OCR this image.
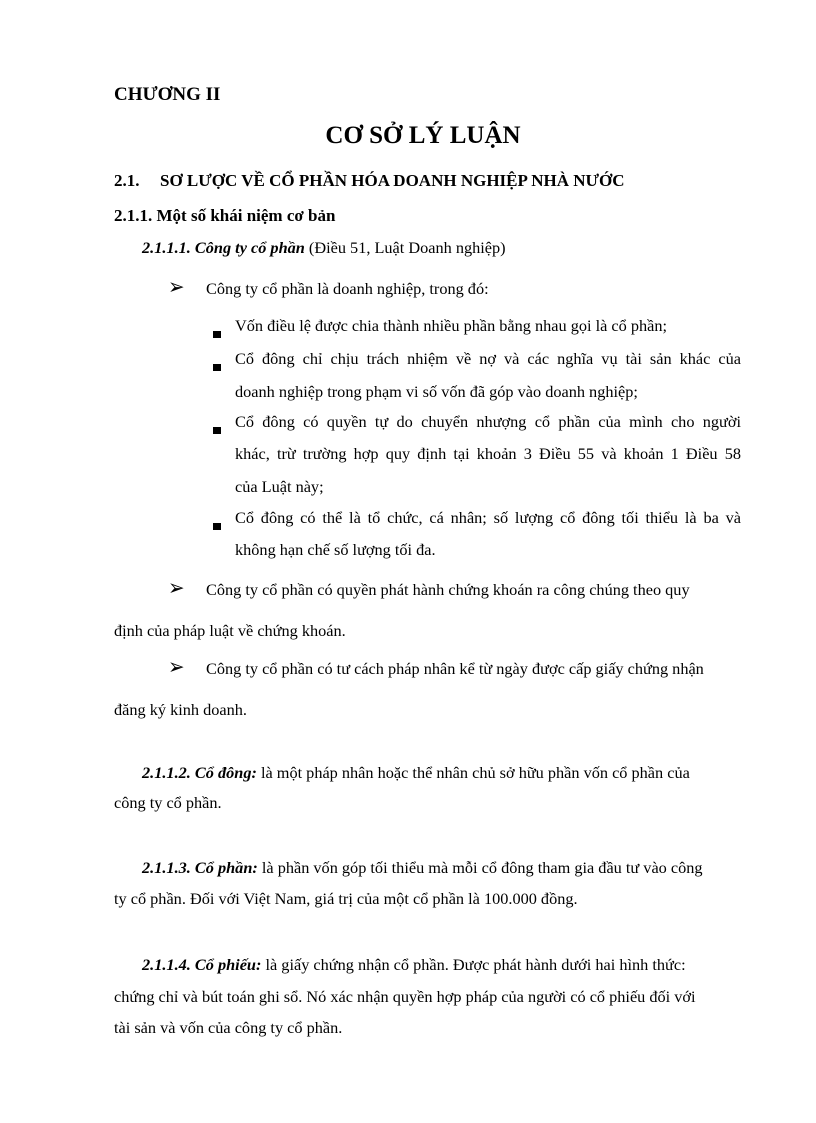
CHƯƠNG II
CƠ SỞ LÝ LUẬN
2.1. SƠ LƯỢC VỀ CỔ PHẦN HÓA DOANH NGHIỆP NHÀ NƯỚC
2.1.1. Một số khái niệm cơ bản
2.1.1.1. Công ty cổ phần (Điều 51, Luật Doanh nghiệp)
➢ Công ty cổ phần là doanh nghiệp, trong đó:
Vốn điều lệ được chia thành nhiều phần bằng nhau gọi là cổ phần;
Cổ đông chỉ chịu trách nhiệm về nợ và các nghĩa vụ tài sản khác của
doanh nghiệp trong phạm vi số vốn đã góp vào doanh nghiệp;
Cổ đông có quyền tự do chuyển nhượng cổ phần của mình cho người
khác, trừ trường hợp quy định tại khoản 3 Điều 55 và khoản 1 Điều 58
của Luật này;
Cổ đông có thể là tổ chức, cá nhân; số lượng cổ đông tối thiểu là ba và
không hạn chế số lượng tối đa.
➢ Công ty cổ phần có quyền phát hành chứng khoán ra công chúng theo quy
định của pháp luật về chứng khoán.
➢ Công ty cổ phần có tư cách pháp nhân kể từ ngày được cấp giấy chứng nhận
đăng ký kinh doanh.
2.1.1.2. Cổ đông: là một pháp nhân hoặc thể nhân chủ sở hữu phần vốn cổ phần của
công ty cổ phần.
2.1.1.3. Cổ phần: là phần vốn góp tối thiểu mà mỗi cổ đông tham gia đầu tư vào công
ty cổ phần. Đối với Việt Nam, giá trị của một cổ phần là 100.000 đồng.
2.1.1.4. Cổ phiếu: là giấy chứng nhận cổ phần. Được phát hành dưới hai hình thức:
chứng chỉ và bút toán ghi sổ. Nó xác nhận quyền hợp pháp của người có cổ phiếu đối với
tài sản và vốn của công ty cổ phần.
